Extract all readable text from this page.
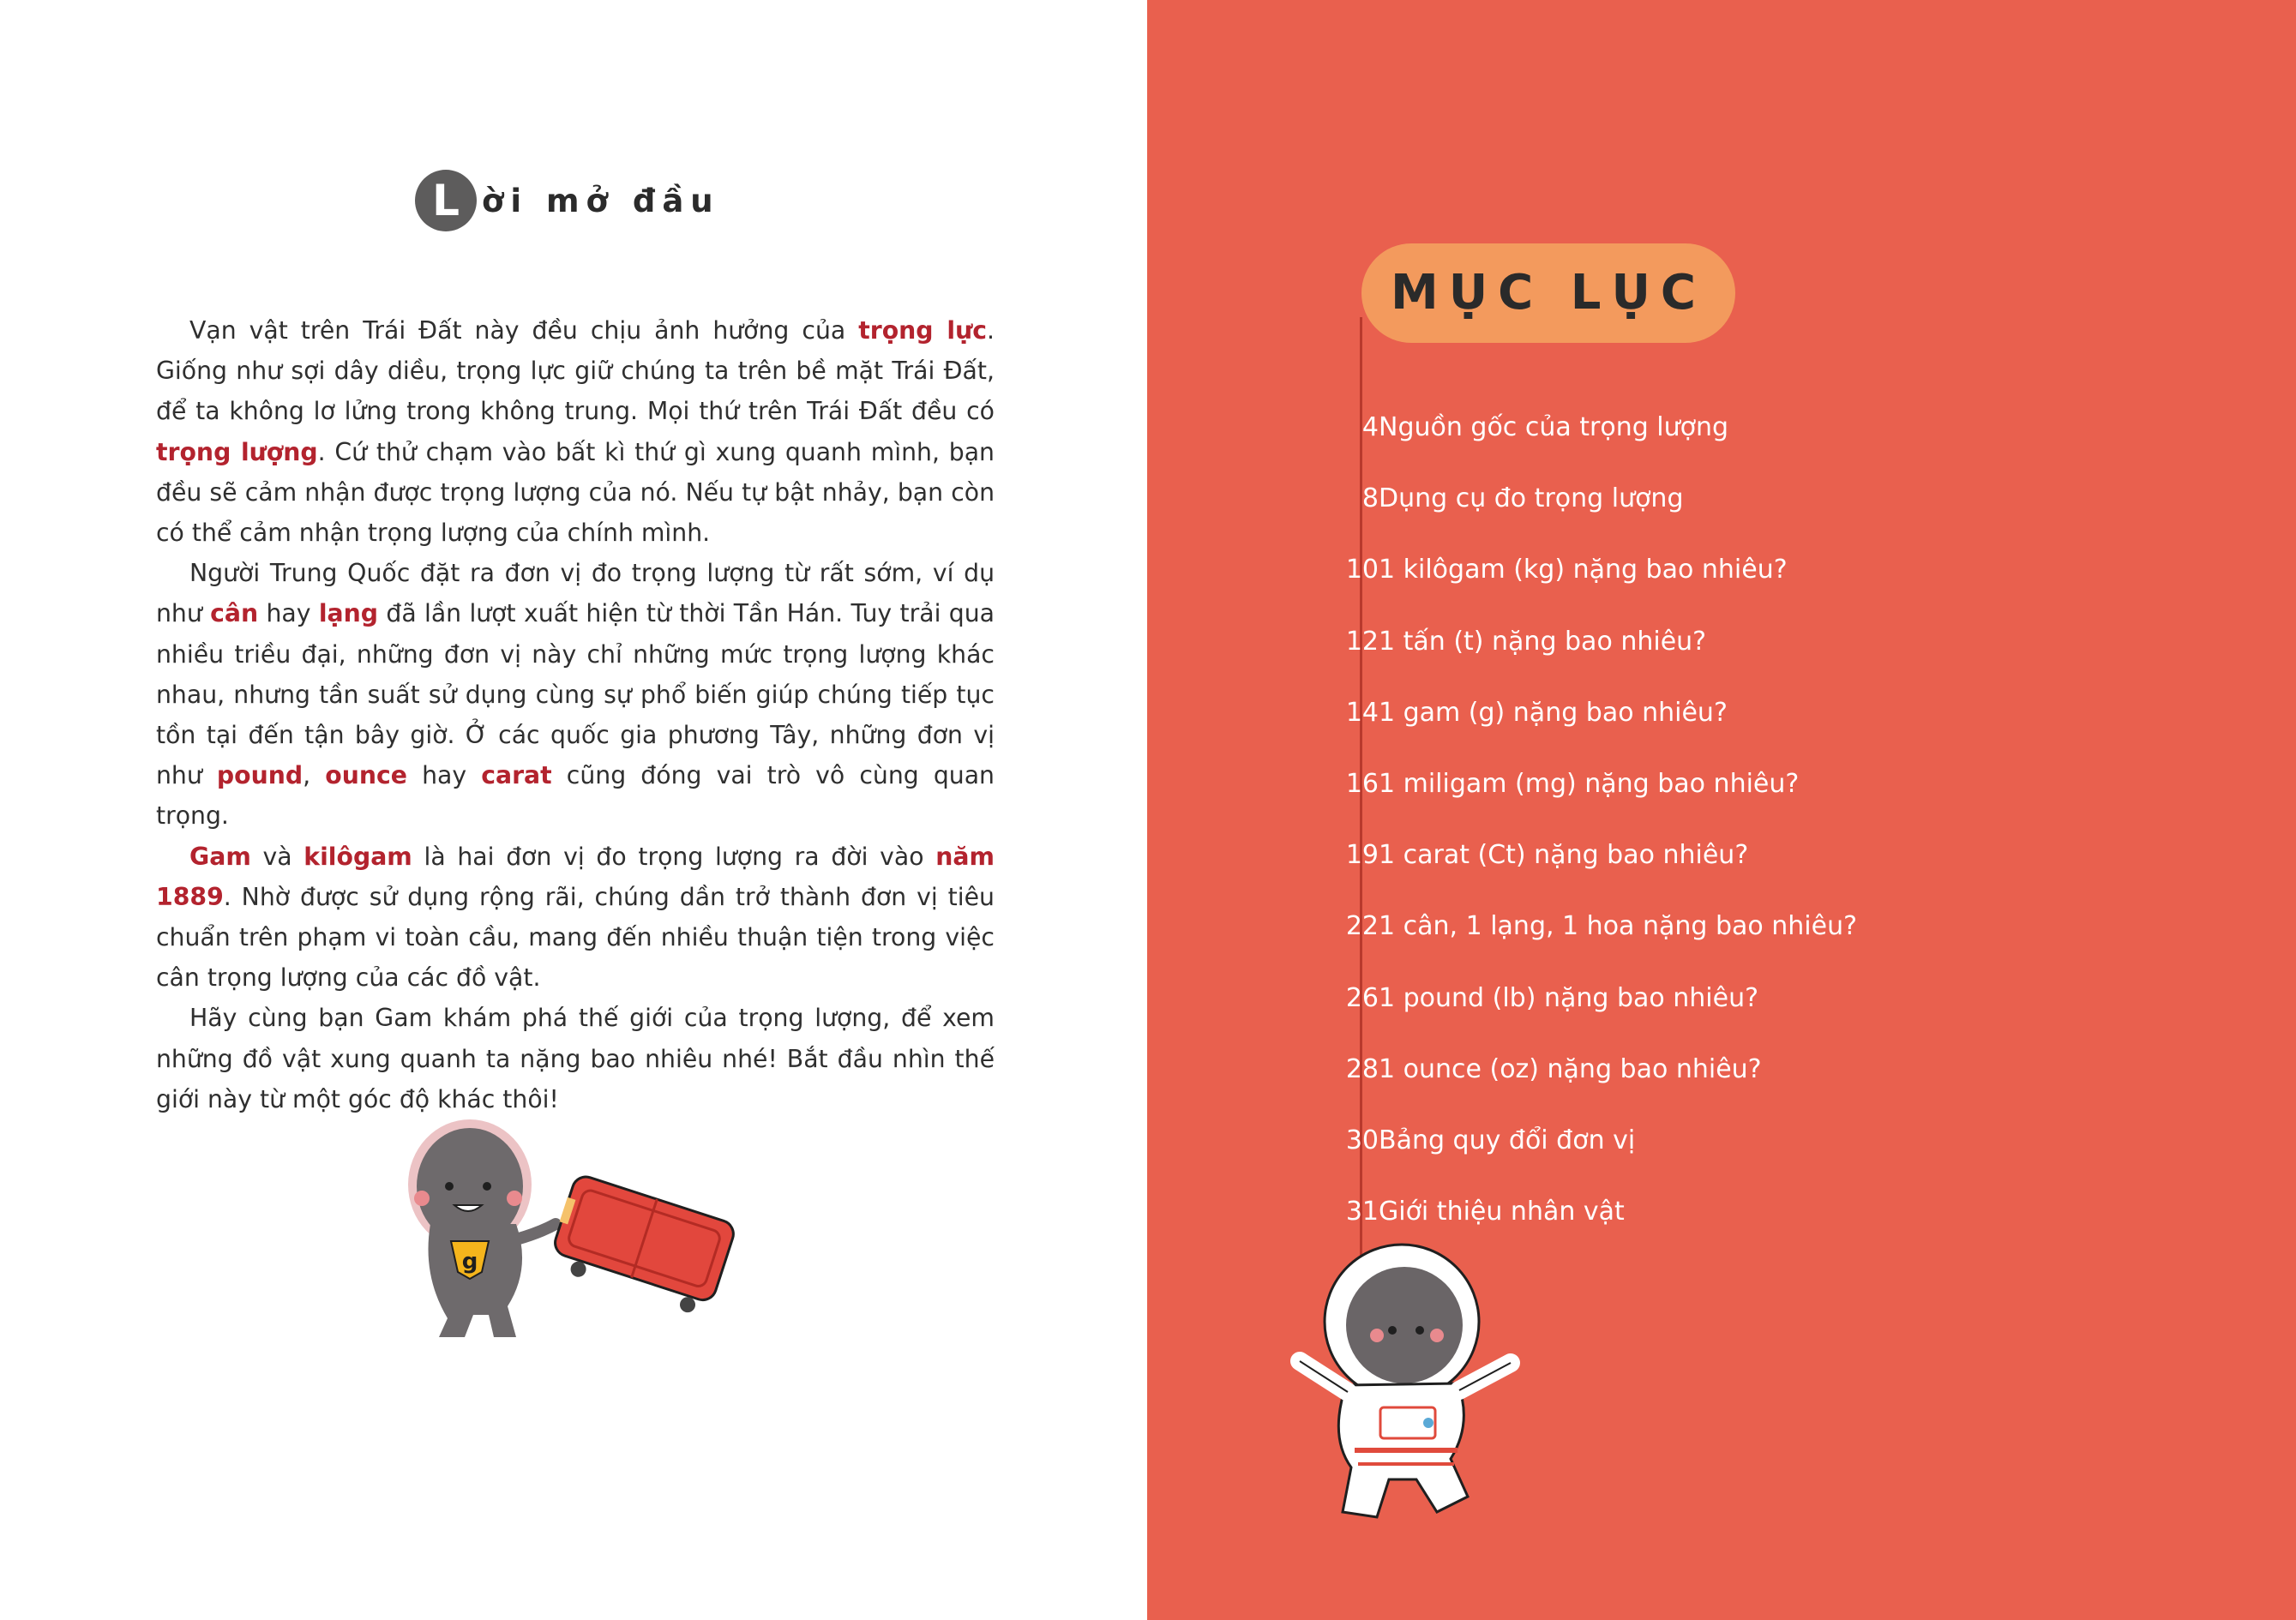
L ời mở đầu

Vạn vật trên Trái Đất này đều chịu ảnh hưởng của trọng lực. Giống như sợi dây diều, trọng lực giữ chúng ta trên bề mặt Trái Đất, để ta không lơ lửng trong không trung. Mọi thứ trên Trái Đất đều có trọng lượng. Cứ thử chạm vào bất kì thứ gì xung quanh mình, bạn đều sẽ cảm nhận được trọng lượng của nó. Nếu tự bật nhảy, bạn còn có thể cảm nhận trọng lượng của chính mình.

Người Trung Quốc đặt ra đơn vị đo trọng lượng từ rất sớm, ví dụ như cân hay lạng đã lần lượt xuất hiện từ thời Tần Hán. Tuy trải qua nhiều triều đại, những đơn vị này chỉ những mức trọng lượng khác nhau, nhưng tần suất sử dụng cùng sự phổ biến giúp chúng tiếp tục tồn tại đến tận bây giờ. Ở các quốc gia phương Tây, những đơn vị như pound, ounce hay carat cũng đóng vai trò vô cùng quan trọng.

Gam và kilôgam là hai đơn vị đo trọng lượng ra đời vào năm 1889. Nhờ được sử dụng rộng rãi, chúng dần trở thành đơn vị tiêu chuẩn trên phạm vi toàn cầu, mang đến nhiều thuận tiện trong việc cân trọng lượng của các đồ vật.

Hãy cùng bạn Gam khám phá thế giới của trọng lượng, để xem những đồ vật xung quanh ta nặng bao nhiêu nhé! Bắt đầu nhìn thế giới này từ một góc độ khác thôi!

g
MỤC LỤC
4 Nguồn gốc của trọng lượng
8 Dụng cụ đo trọng lượng
10 1 kilôgam (kg) nặng bao nhiêu?
12 1 tấn (t) nặng bao nhiêu?
14 1 gam (g) nặng bao nhiêu?
16 1 miligam (mg) nặng bao nhiêu?
19 1 carat (Ct) nặng bao nhiêu?
22 1 cân, 1 lạng, 1 hoa nặng bao nhiêu?
26 1 pound (lb) nặng bao nhiêu?
28 1 ounce (oz) nặng bao nhiêu?
30 Bảng quy đổi đơn vị
31 Giới thiệu nhân vật
